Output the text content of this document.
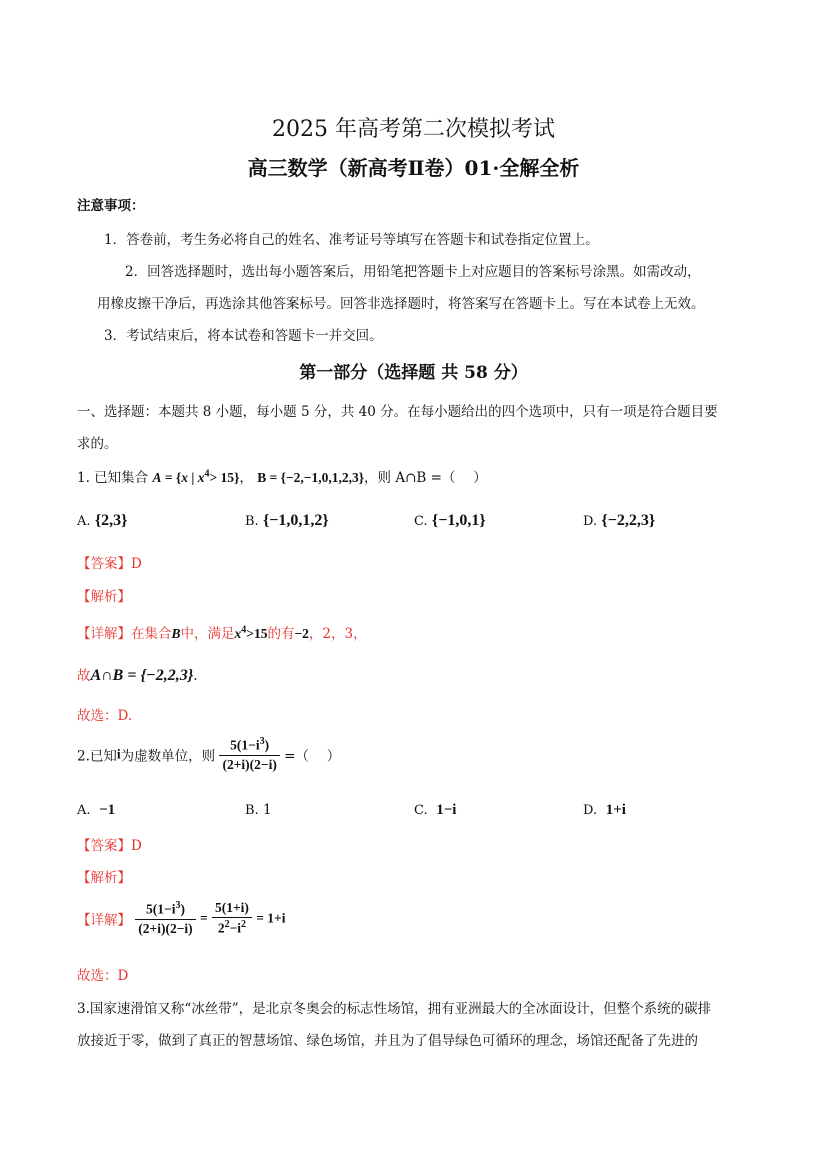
2025 年高考第二次模拟考试
高三数学（新高考Ⅱ卷）01·全解全析
注意事项：
1．答卷前，考生务必将自己的姓名、准考证号等填写在答题卡和试卷指定位置上。
2．回答选择题时，选出每小题答案后，用铅笔把答题卡上对应题目的答案标号涂黑。如需改动，
用橡皮擦干净后，再选涂其他答案标号。回答非选择题时，将答案写在答题卡上。写在本试卷上无效。
3．考试结束后，将本试卷和答题卡一并交回。
第一部分（选择题 共 58 分）
一、选择题：本题共 8 小题，每小题 5 分，共 40 分。在每小题给出的四个选项中，只有一项是符合题目要
求的。
1. 已知集合 A = {x | $x^4> 15$}， B = {−2,−1,0,1,2,3}，则 A∩B =（　 ）
A. {2,3}	B. {−1,0,1,2}	C. {−1,0,1}	D. {−2,2,3}
【答案】D
【解析】
【详解】在集合B中，满足$x^4>15$的有−2，2，3，
故A∩B = {−2,2,3}.
故选：D.
2.已知i为虚数单位，则 $\frac{5(1-i^3)}{(2+i)(2-i)}$ =（　 ）
A. −1	B. 1	C. 1−i	D. 1+i
【答案】D
【解析】
【详解】 $\frac{5(1-i^3)}{(2+i)(2-i)} = \frac{5(1+i)}{2^2-i^2} = 1+i$
故选：D
3.国家速滑馆又称“冰丝带”，是北京冬奥会的标志性场馆，拥有亚洲最大的全冰面设计，但整个系统的碳排
放接近于零，做到了真正的智慧场馆、绿色场馆，并且为了倡导绿色可循环的理念，场馆还配备了先进的
